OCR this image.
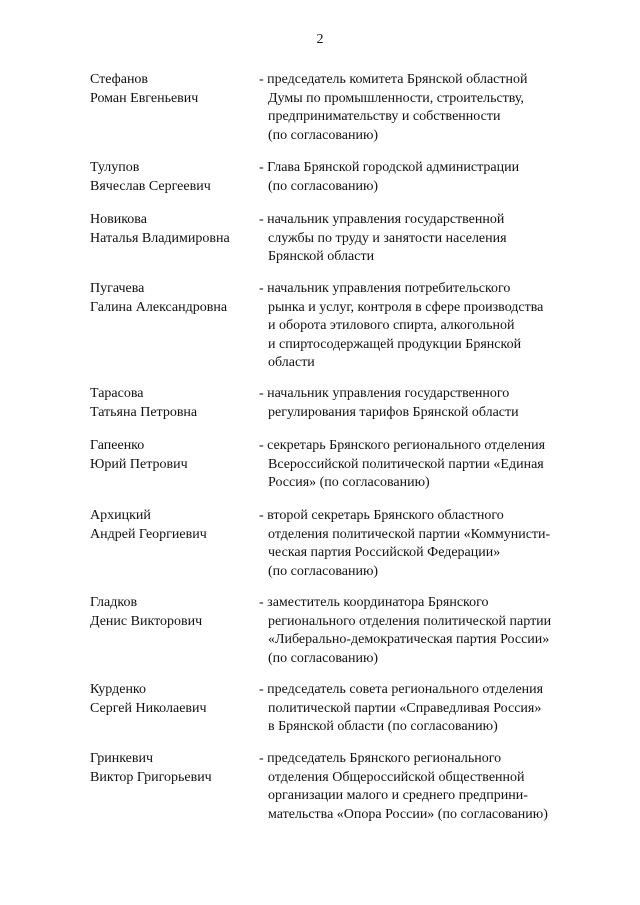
2
Стефанов
Роман Евгеньевич
- председатель комитета Брянской областной
Думы по промышленности, строительству,
предпринимательству и собственности
(по согласованию)
Тулупов
Вячеслав Сергеевич
- Глава Брянской городской администрации
(по согласованию)
Новикова
Наталья Владимировна
- начальник управления государственной
службы по труду и занятости населения
Брянской области
Пугачева
Галина Александровна
- начальник управления потребительского
рынка и услуг, контроля в сфере производства
и оборота этилового спирта, алкогольной
и спиртосодержащей продукции Брянской
области
Тарасова
Татьяна Петровна
- начальник управления государственного
регулирования тарифов Брянской области
Гапеенко
Юрий Петрович
- секретарь Брянского регионального отделения
Всероссийской политической партии «Единая
Россия» (по согласованию)
Архицкий
Андрей Георгиевич
- второй секретарь Брянского областного
отделения политической партии «Коммунисти-
ческая партия Российской Федерации»
(по согласованию)
Гладков
Денис Викторович
- заместитель координатора Брянского
регионального отделения политической партии
«Либерально-демократическая партия России»
(по согласованию)
Курденко
Сергей Николаевич
- председатель совета регионального отделения
политической партии «Справедливая Россия»
в Брянской области (по согласованию)
Гринкевич
Виктор Григорьевич
- председатель Брянского регионального
отделения Общероссийской общественной
организации малого и среднего предприни-
мательства «Опора России» (по согласованию)
